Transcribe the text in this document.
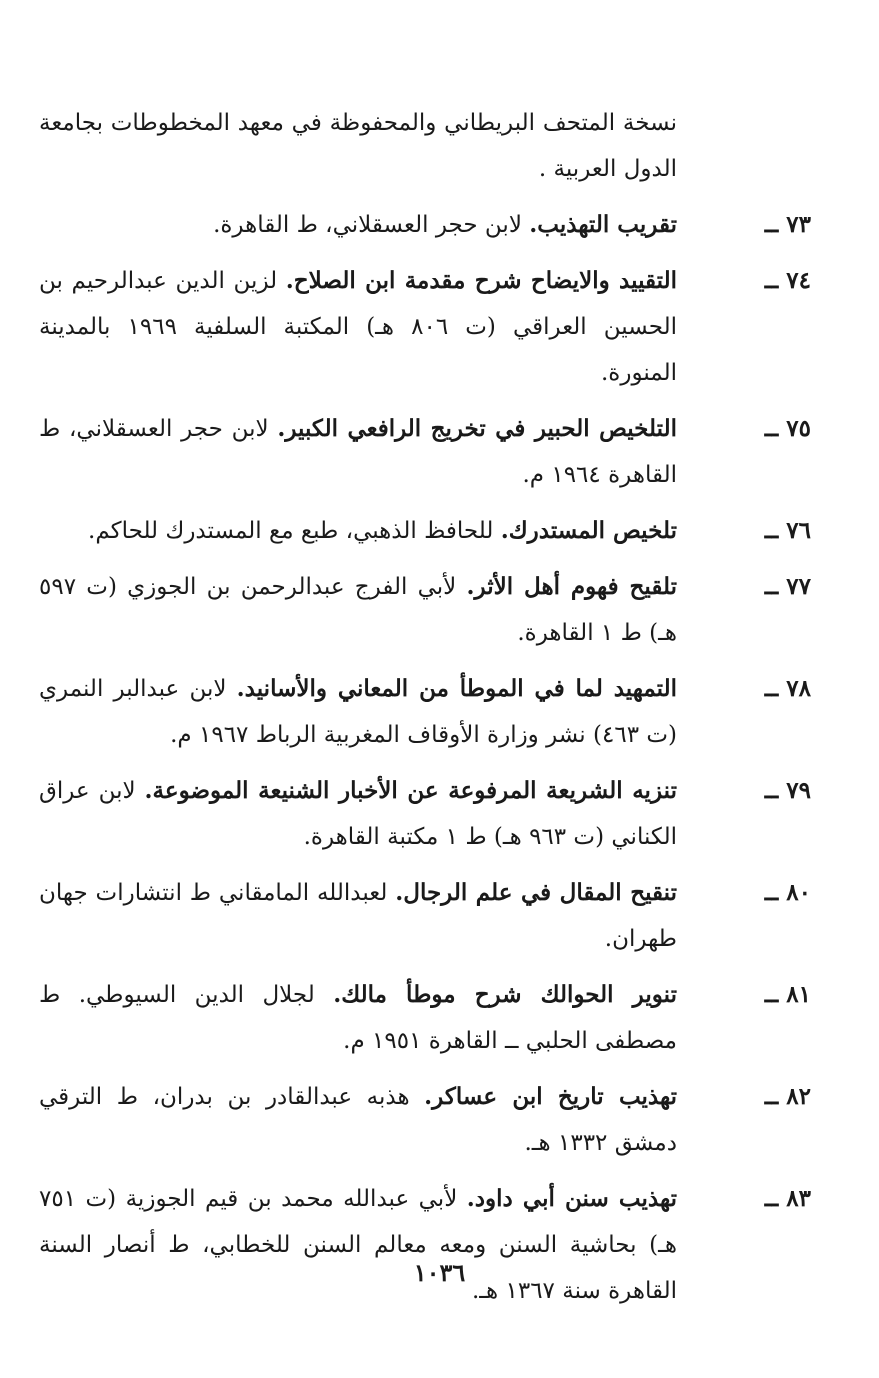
نسخة المتحف البريطاني والمحفوظة في معهد المخطوطات بجامعة الدول العربية .
٧٣ ــ
تقريب التهذيب. لابن حجر العسقلاني، ط القاهرة.
٧٤ ــ
التقييد والايضاح شرح مقدمة ابن الصلاح. لزين الدين عبدالرحيم بن الحسين العراقي (ت ٨٠٦ هـ) المكتبة السلفية ١٩٦٩ بالمدينة المنورة.
٧٥ ــ
التلخيص الحبير في تخريج الرافعي الكبير. لابن حجر العسقلاني، ط القاهرة ١٩٦٤ م.
٧٦ ــ
تلخيص المستدرك. للحافظ الذهبي، طبع مع المستدرك للحاكم.
٧٧ ــ
تلقيح فهوم أهل الأثر. لأبي الفرج عبدالرحمن بن الجوزي (ت ٥٩٧ هـ) ط ١ القاهرة.
٧٨ ــ
التمهيد لما في الموطأ من المعاني والأسانيد. لابن عبدالبر النمري (ت ٤٦٣) نشر وزارة الأوقاف المغربية الرباط ١٩٦٧ م.
٧٩ ــ
تنزيه الشريعة المرفوعة عن الأخبار الشنيعة الموضوعة. لابن عراق الكناني (ت ٩٦٣ هـ) ط ١ مكتبة القاهرة.
٨٠ ــ
تنقيح المقال في علم الرجال. لعبدالله المامقاني ط انتشارات جهان طهران.
٨١ ــ
تنوير الحوالك شرح موطأ مالك. لجلال الدين السيوطي. ط مصطفى الحلبي ــ القاهرة ١٩٥١ م.
٨٢ ــ
تهذيب تاريخ ابن عساكر. هذبه عبدالقادر بن بدران، ط الترقي دمشق ١٣٣٢ هـ.
٨٣ ــ
تهذيب سنن أبي داود. لأبي عبدالله محمد بن قيم الجوزية (ت ٧٥١ هـ) بحاشية السنن ومعه معالم السنن للخطابي، ط أنصار السنة القاهرة سنة ١٣٦٧ هـ.
١٠٣٦
